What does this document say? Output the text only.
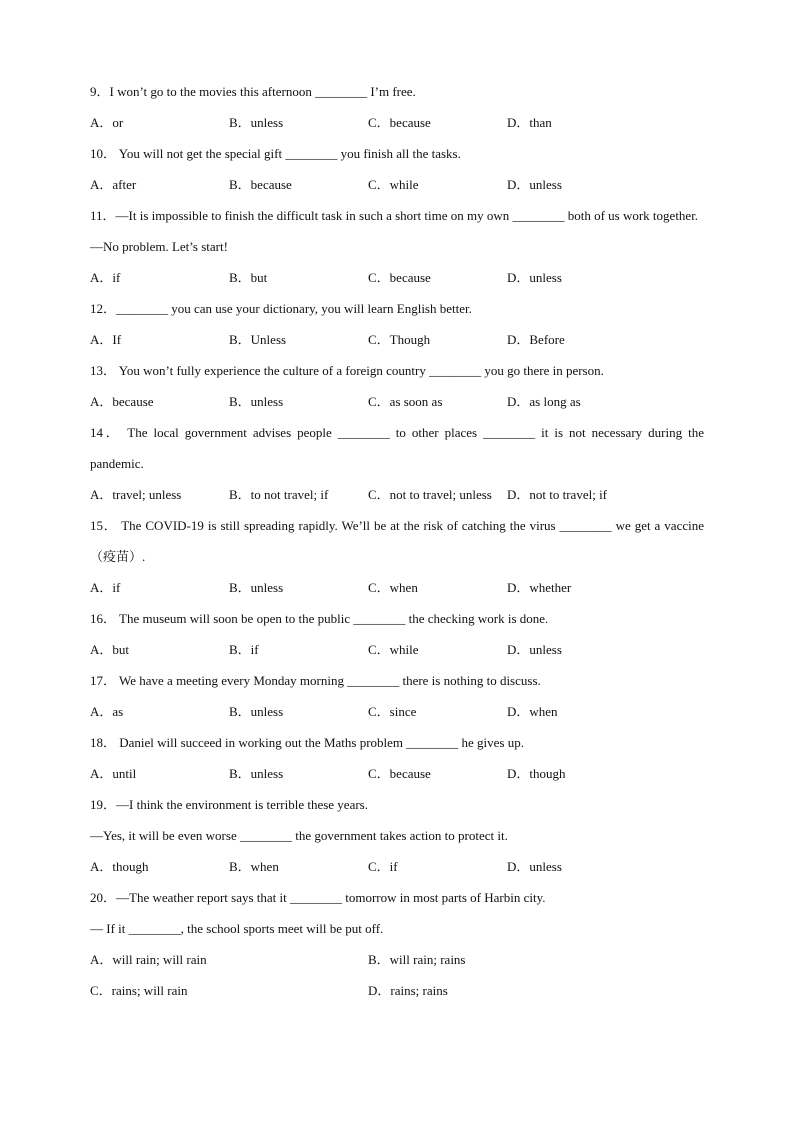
9．I won’t go to the movies this afternoon ________ I’m free.
A．or	B．unless	C．because	D．than
10． You will not get the special gift ________ you finish all the tasks.
A．after	B．because	C．while	D．unless
11．—It is impossible to finish the difficult task in such a short time on my own ________ both of us work together.
—No problem. Let’s start!
A．if	B．but	C．because	D．unless
12．________ you can use your dictionary, you will learn English better.
A．If	B．Unless	C．Though	D．Before
13． You won’t fully experience the culture of a foreign country ________ you go there in person.
A．because	B．unless	C．as soon as	D．as long as
14． The local government advises people ________ to other places ________ it is not necessary during the pandemic.
A．travel; unless	B．to not travel; if	C．not to travel; unless	D．not to travel; if
15． The COVID-19 is still spreading rapidly. We’ll be at the risk of catching the virus ________ we get a vaccine（疫苗）.
A．if	B．unless	C．when	D．whether
16． The museum will soon be open to the public ________ the checking work is done.
A．but	B．if	C．while	D．unless
17． We have a meeting every Monday morning ________ there is nothing to discuss.
A．as	B．unless	C．since	D．when
18． Daniel will succeed in working out the Maths problem ________ he gives up.
A．until	B．unless	C．because	D．though
19．—I think the environment is terrible these years.
—Yes, it will be even worse ________ the government takes action to protect it.
A．though	B．when	C．if	D．unless
20．—The weather report says that it ________ tomorrow in most parts of Harbin city.
— If it ________, the school sports meet will be put off.
A．will rain; will rain	B．will rain; rains
C．rains; will rain	D．rains; rains
